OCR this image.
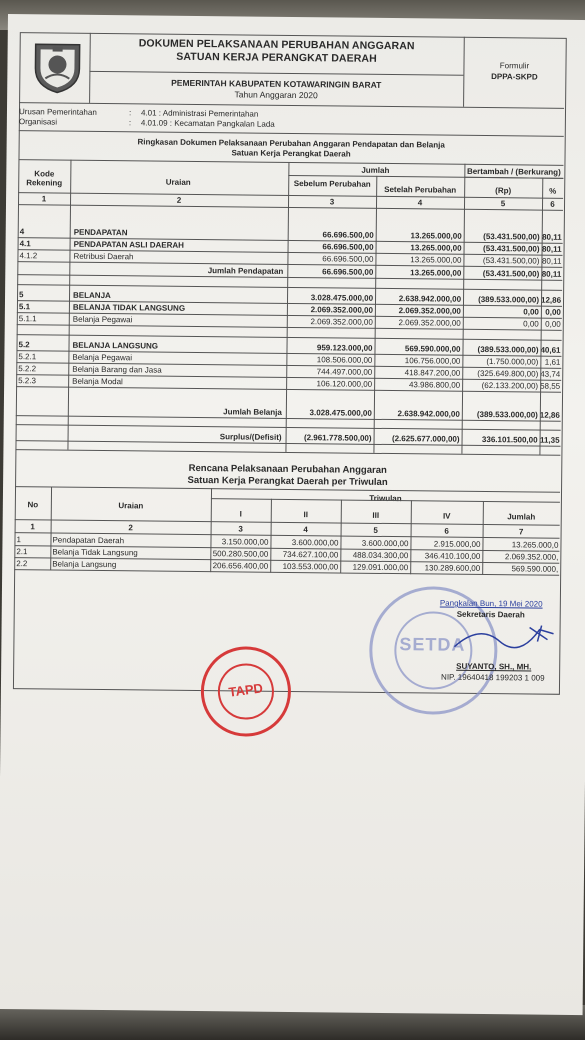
DOKUMEN PELAKSANAAN PERUBAHAN ANGGARAN
SATUAN KERJA PERANGKAT DAERAH
PEMERINTAH KABUPATEN KOTAWARINGIN BARAT
Tahun Anggaran 2020
Formulir
DPPA-SKPD
Urusan Pemerintahan	: 4.01 : Administrasi Pemerintahan
Organisasi	: 4.01.09 : Kecamatan Pangkalan Lada
Ringkasan Dokumen Pelaksanaan Perubahan Anggaran Pendapatan dan Belanja
Satuan Kerja Perangkat Daerah
Kode Rekening	Uraian
Jumlah
Sebelum Perubahan
Setelah Perubahan
Bertambah / (Berkurang)
(Rp)	%
Rencana Pelaksanaan Perubahan Anggaran
Satuan Kerja Perangkat Daerah per Triwulan
No	Uraian
Triwulan
I	II	III	IV	Jumlah
TAPD
SETDA
Pangkalan Bun, 19 Mei 2020
Sekretaris Daerah
SUYANTO, SH., MH.
NIP. 19640418 199203 1 009
1	2	3	4	5	6
4	PENDAPATAN	66.696.500,00	13.265.000,00	(53.431.500,00) 80,11
4.1	PENDAPATAN ASLI DAERAH	66.696.500,00	13.265.000,00	(53.431.500,00) 80,11
4.1.2	Retribusi Daerah	66.696.500,00	13.265.000,00	(53.431.500,00) 80,11
Jumlah Pendapatan	66.696.500,00	13.265.000,00	(53.431.500,00) 80,11
5	BELANJA	3.028.475.000,00	2.638.942.000,00	(389.533.000,00) 12,86
5.1	BELANJA TIDAK LANGSUNG	2.069.352.000,00	2.069.352.000,00	0,00 0,00
5.1.1	Belanja Pegawai	2.069.352.000,00	2.069.352.000,00	0,00 0,00
5.2	BELANJA LANGSUNG	959.123.000,00	569.590.000,00	(389.533.000,00) 40,61
5.2.1	Belanja Pegawai	108.506.000,00	106.756.000,00	(1.750.000,00) 1,61
5.2.2	Belanja Barang dan Jasa	744.497.000,00	418.847.200,00	(325.649.800,00) 43,74
5.2.3	Belanja Modal	106.120.000,00	43.986.800,00	(62.133.200,00) 58,55
Jumlah Belanja	3.028.475.000,00	2.638.942.000,00	(389.533.000,00) 12,86
Surplus/(Defisit)	(2.961.778.500,00)	(2.625.677.000,00)	336.101.500,00 11,35
1	2	3	4	5	6	7
1	Pendapatan Daerah	3.150.000,00	3.600.000,00	3.600.000,00	2.915.000,00	13.265.000,0
2.1	Belanja Tidak Langsung	500.280.500,00	734.627.100,00	488.034.300,00	346.410.100,00	2.069.352.000,
2.2	Belanja Langsung	206.656.400,00	103.553.000,00	129.091.000,00	130.289.600,00	569.590.000,
